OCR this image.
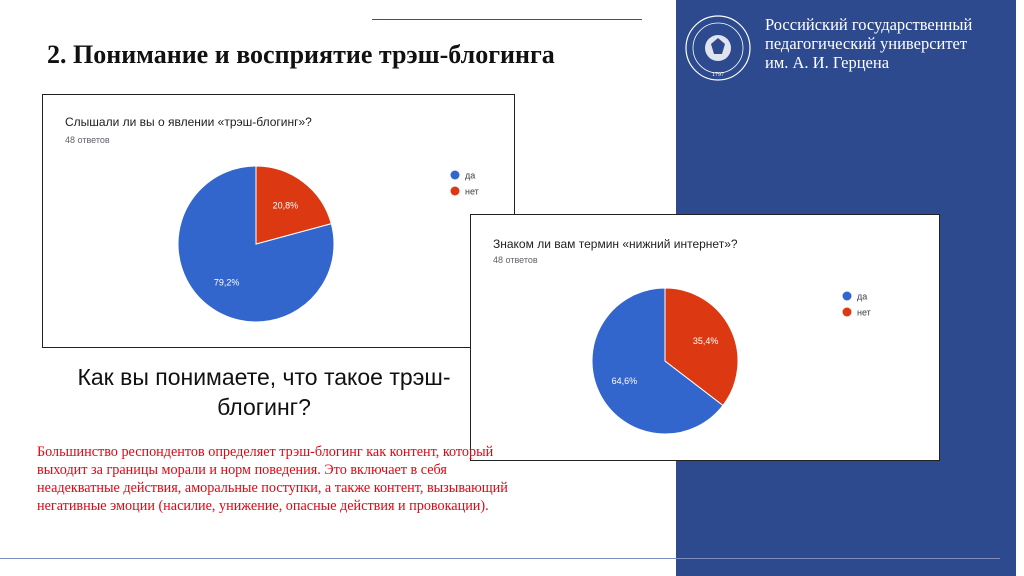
2. Понимание и восприятие трэш-блогинга
1797
Российский государственный
педагогический университет
им. А. И. Герцена
Слышали ли вы о явлении «трэш-блогинг»?
48 ответов
79,2%
20,8%
да
нет
Знаком ли вам термин «нижний интернет»?
48 ответов
64,6%
35,4%
да
нет
Как вы понимаете, что такое трэш-блогинг?
Большинство респондентов определяет трэш-блогинг как контент, который выходит за границы морали и норм поведения. Это включает в себя неадекватные действия, аморальные поступки, а также контент, вызывающий негативные эмоции (насилие, унижение, опасные действия и провокации).
